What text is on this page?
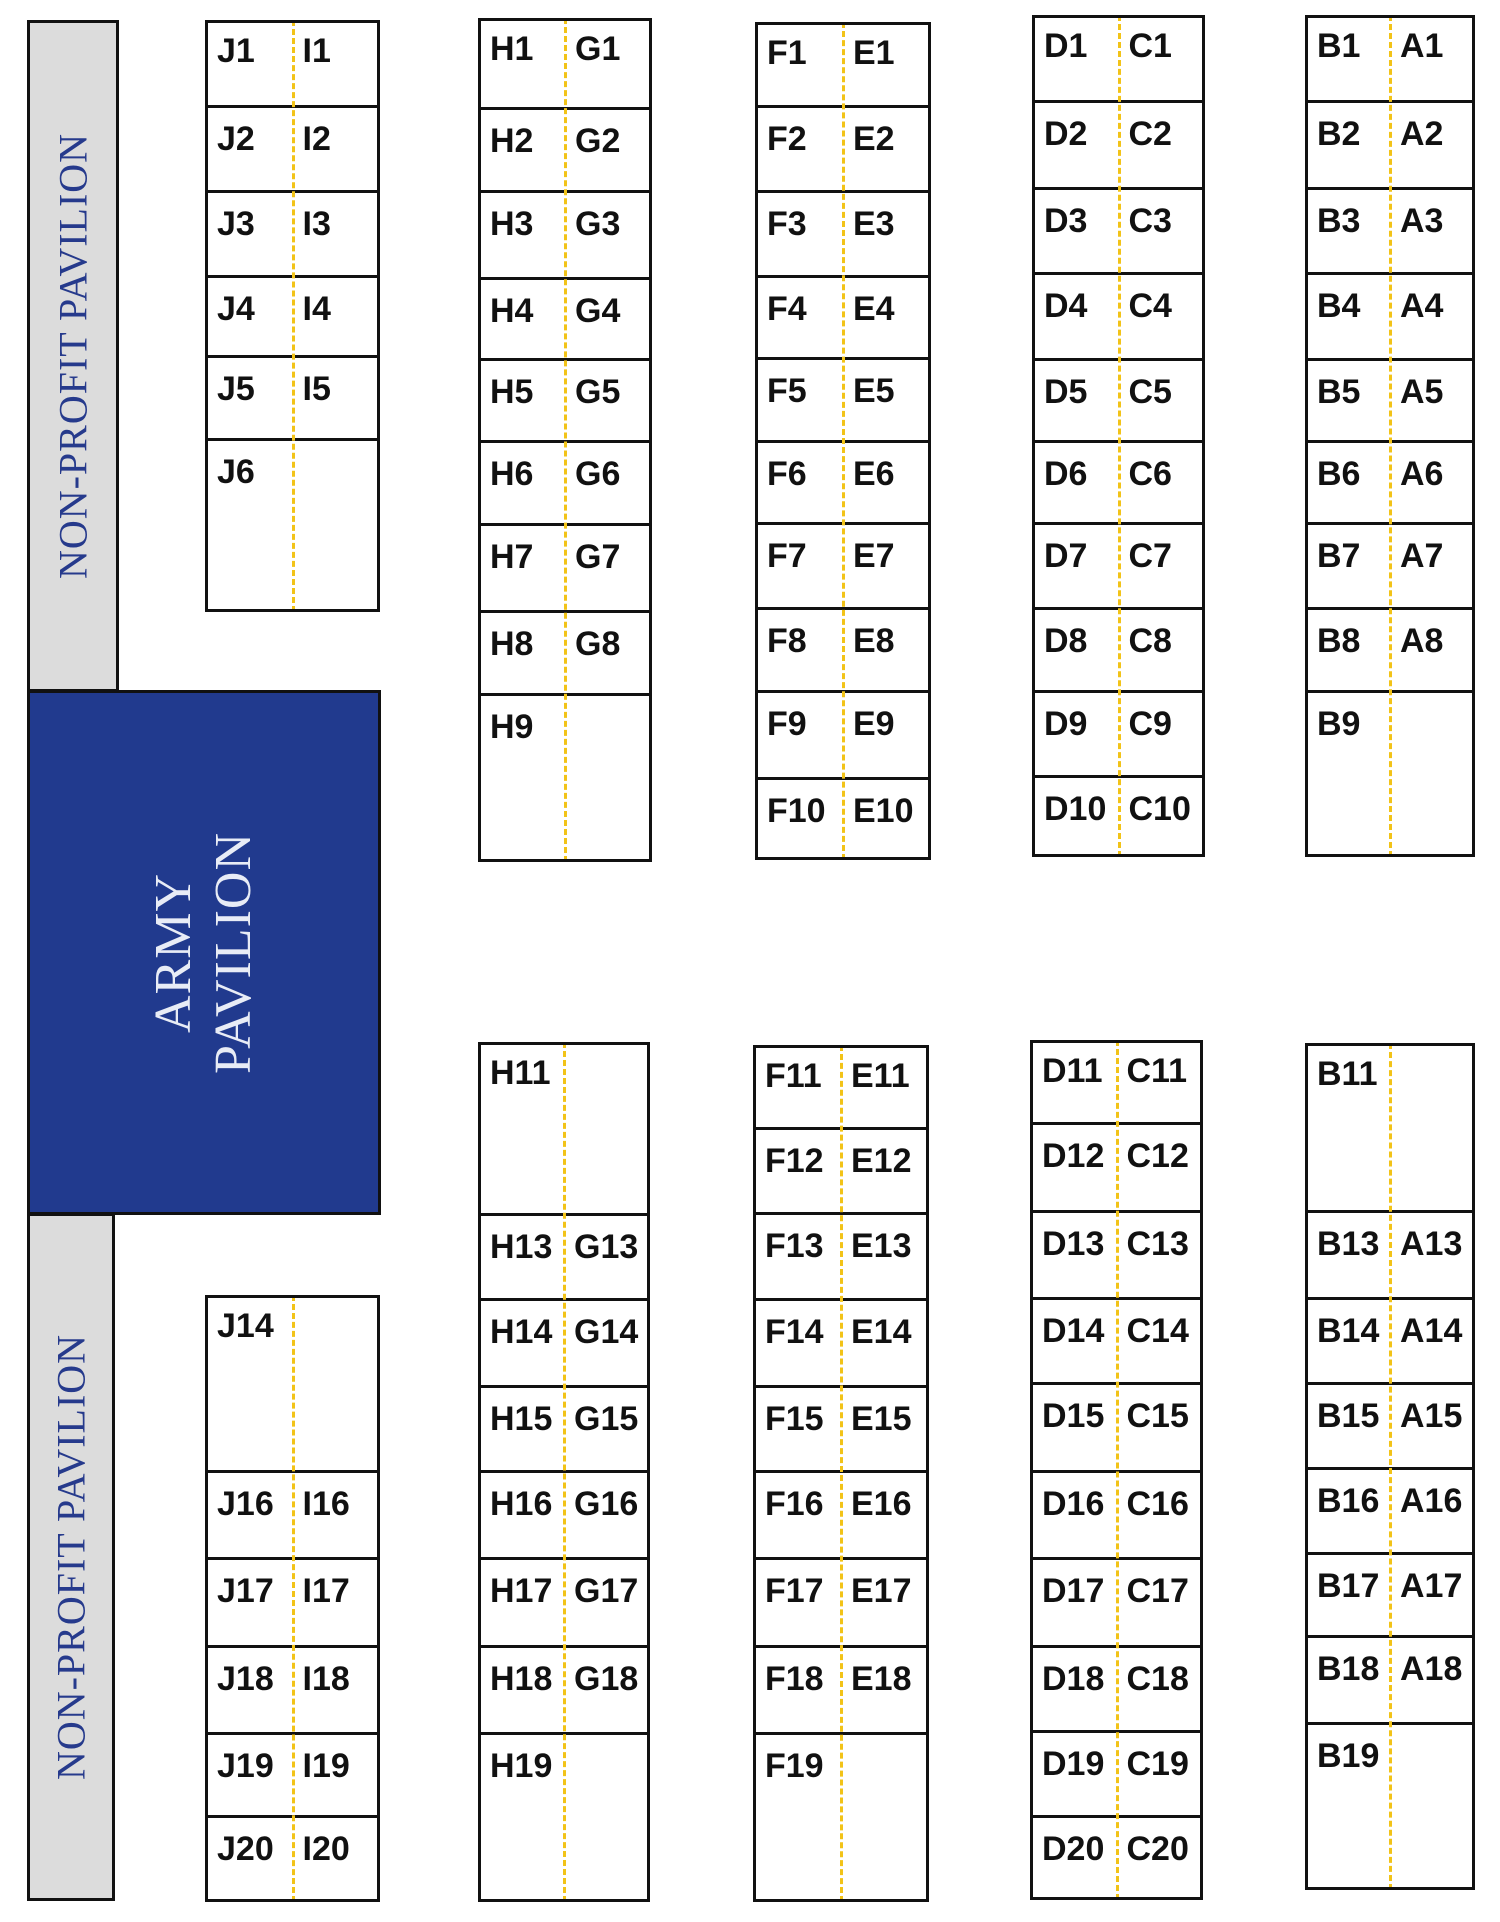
NON-PROFIT PAVILION
ARMY PAVILION
NON-PROFIT PAVILION
J1 I1
J2 I2
J3 I3
J4 I4
J5 I5
J6
H1 G1
H2 G2
H3 G3
H4 G4
H5 G5
H6 G6
H7 G7
H8 G8
H9
F1 E1
F2 E2
F3 E3
F4 E4
F5 E5
F6 E6
F7 E7
F8 E8
F9 E9
F10 E10
D1 C1
D2 C2
D3 C3
D4 C4
D5 C5
D6 C6
D7 C7
D8 C8
D9 C9
D10 C10
B1 A1
B2 A2
B3 A3
B4 A4
B5 A5
B6 A6
B7 A7
B8 A8
B9
J14
J16 I16
J17 I17
J18 I18
J19 I19
J20 I20
H11
H13 G13
H14 G14
H15 G15
H16 G16
H17 G17
H18 G18
H19
F11 E11
F12 E12
F13 E13
F14 E14
F15 E15
F16 E16
F17 E17
F18 E18
F19
D11 C11
D12 C12
D13 C13
D14 C14
D15 C15
D16 C16
D17 C17
D18 C18
D19 C19
D20 C20
B11
B13 A13
B14 A14
B15 A15
B16 A16
B17 A17
B18 A18
B19
